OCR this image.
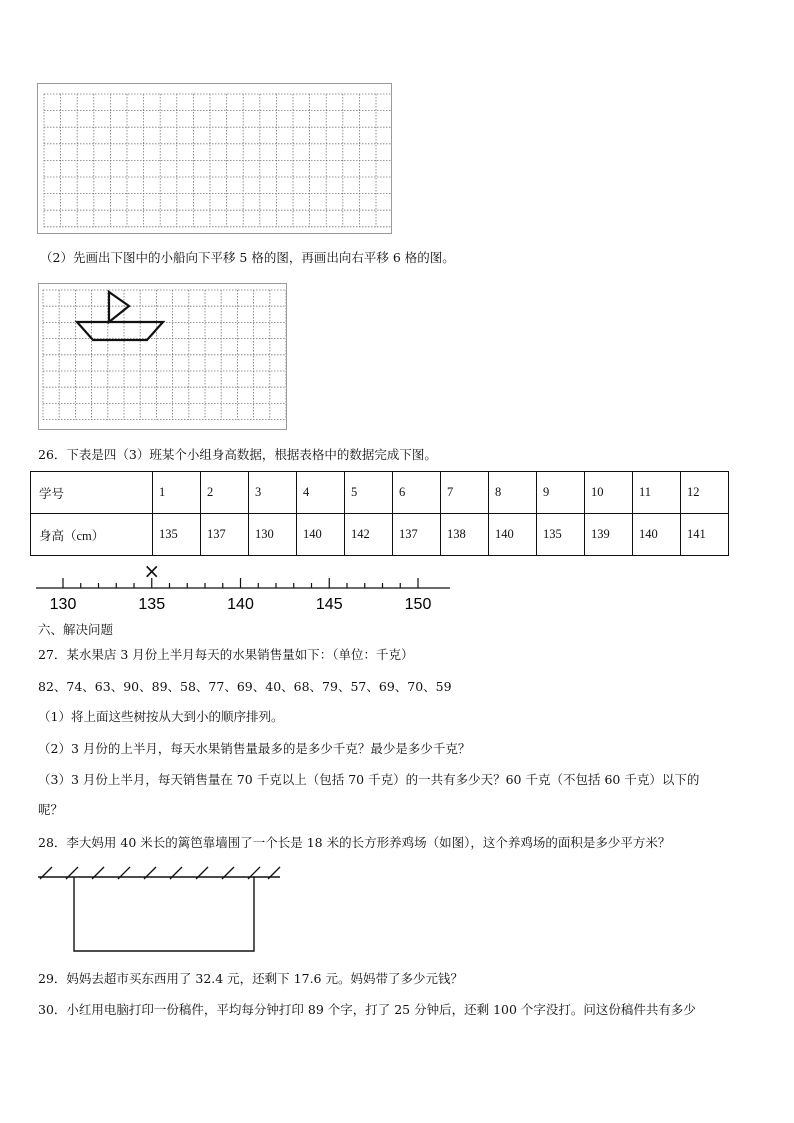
（2）先画出下图中的小船向下平移 5 格的图，再画出向右平移 6 格的图。
26．下表是四（3）班某个小组身高数据，根据表格中的数据完成下图。
学号	1	2	3	4	5	6	7	8	9	10	11	12
身高（cm）	135	137	130	140	142	137	138	140	135	139	140	141
×
130	135	140	145	150
六、解决问题
27．某水果店 3 月份上半月每天的水果销售量如下：（单位：千克）
82、74、63、90、89、58、77、69、40、68、79、57、69、70、59
（1）将上面这些树按从大到小的顺序排列。
（2）3 月份的上半月，每天水果销售量最多的是多少千克？最少是多少千克？
（3）3 月份上半月，每天销售量在 70 千克以上（包括 70 千克）的一共有多少天？60 千克（不包括 60 千克）以下的
呢？
28．李大妈用 40 米长的篱笆靠墙围了一个长是 18 米的长方形养鸡场（如图），这个养鸡场的面积是多少平方米？
29．妈妈去超市买东西用了 32.4 元，还剩下 17.6 元。妈妈带了多少元钱？
30．小红用电脑打印一份稿件，平均每分钟打印 89 个字，打了 25 分钟后，还剩 100 个字没打。问这份稿件共有多少
